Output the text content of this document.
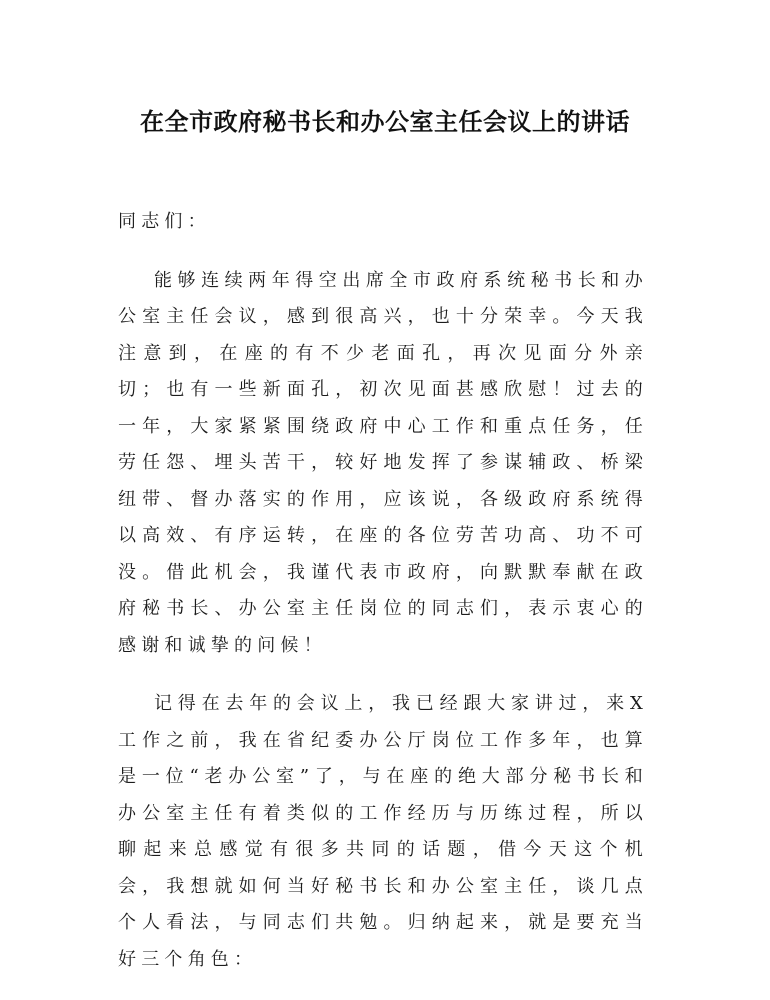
在全市政府秘书长和办公室主任会议上的讲话

同志们：

能够连续两年得空出席全市政府系统秘书长和办公室主任会议，感到很高兴，也十分荣幸。今天我注意到，在座的有不少老面孔，再次见面分外亲切；也有一些新面孔，初次见面甚感欣慰！过去的一年，大家紧紧围绕政府中心工作和重点任务，任劳任怨、埋头苦干，较好地发挥了参谋辅政、桥梁纽带、督办落实的作用，应该说，各级政府系统得以高效、有序运转，在座的各位劳苦功高、功不可没。借此机会，我谨代表市政府，向默默奉献在政府秘书长、办公室主任岗位的同志们，表示衷心的感谢和诚挚的问候！

记得在去年的会议上，我已经跟大家讲过，来X工作之前，我在省纪委办公厅岗位工作多年，也算是一位“老办公室”了，与在座的绝大部分秘书长和办公室主任有着类似的工作经历与历练过程，所以聊起来总感觉有很多共同的话题，借今天这个机会，我想就如何当好秘书长和办公室主任，谈几点个人看法，与同志们共勉。归纳起来，就是要充当好三个角色：
